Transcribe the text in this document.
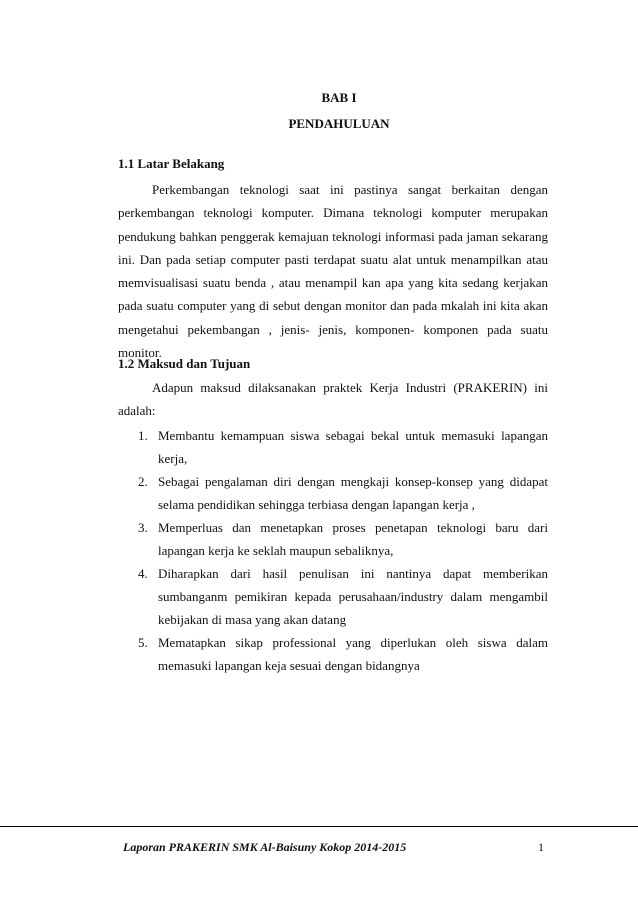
BAB I
PENDAHULUAN
1.1 Latar Belakang

Perkembangan teknologi saat ini pastinya sangat berkaitan dengan perkembangan teknologi komputer. Dimana teknologi komputer merupakan pendukung bahkan penggerak kemajuan teknologi informasi pada jaman sekarang ini. Dan pada setiap computer pasti terdapat suatu alat untuk menampilkan atau memvisualisasi suatu benda , atau menampil kan apa yang kita sedang kerjakan pada suatu computer yang di sebut dengan monitor dan pada mkalah ini kita akan mengetahui pekembangan , jenis- jenis, komponen- komponen pada suatu monitor.

1.2 Maksud dan Tujuan

Adapun maksud dilaksanakan praktek Kerja Industri (PRAKERIN) ini adalah:

1. Membantu kemampuan siswa sebagai bekal untuk memasuki lapangan kerja,
2. Sebagai pengalaman diri dengan mengkaji konsep-konsep yang didapat selama pendidikan sehingga terbiasa dengan lapangan kerja ,
3. Memperluas dan menetapkan proses penetapan teknologi baru dari lapangan kerja ke seklah maupun sebaliknya,
4. Diharapkan dari hasil penulisan ini nantinya dapat memberikan sumbanganm pemikiran kepada perusahaan/industry dalam mengambil kebijakan di masa yang akan datang
5. Mematapkan sikap professional yang diperlukan oleh siswa dalam memasuki lapangan keja sesuai dengan bidangnya
Laporan PRAKERIN SMK Al-Baisuny Kokop 2014-2015	1
